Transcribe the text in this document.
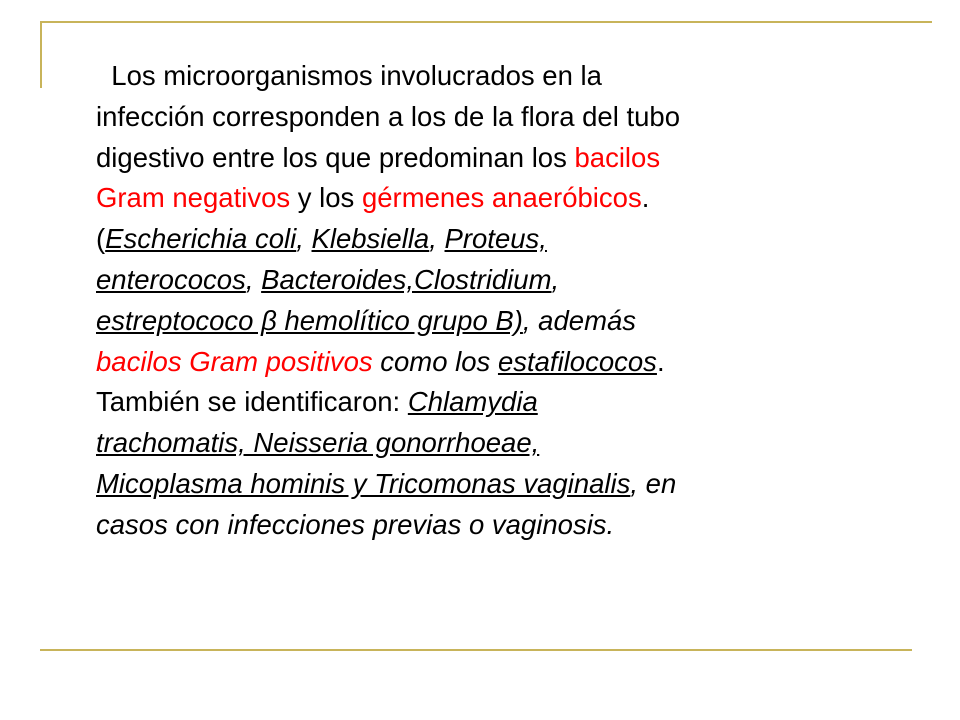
Los microorganismos involucrados en la
infección corresponden a los de la flora del tubo
digestivo entre los que predominan los bacilos
Gram negativos y los gérmenes anaeróbicos.
(Escherichia coli, Klebsiella, Proteus,
enterococos, Bacteroides,Clostridium,
estreptococo β hemolítico grupo B), además
bacilos Gram positivos como los estafilococos.
También se identificaron: Chlamydia
trachomatis, Neisseria gonorrhoeae,
Micoplasma hominis y Tricomonas vaginalis, en
casos con infecciones previas o vaginosis.
